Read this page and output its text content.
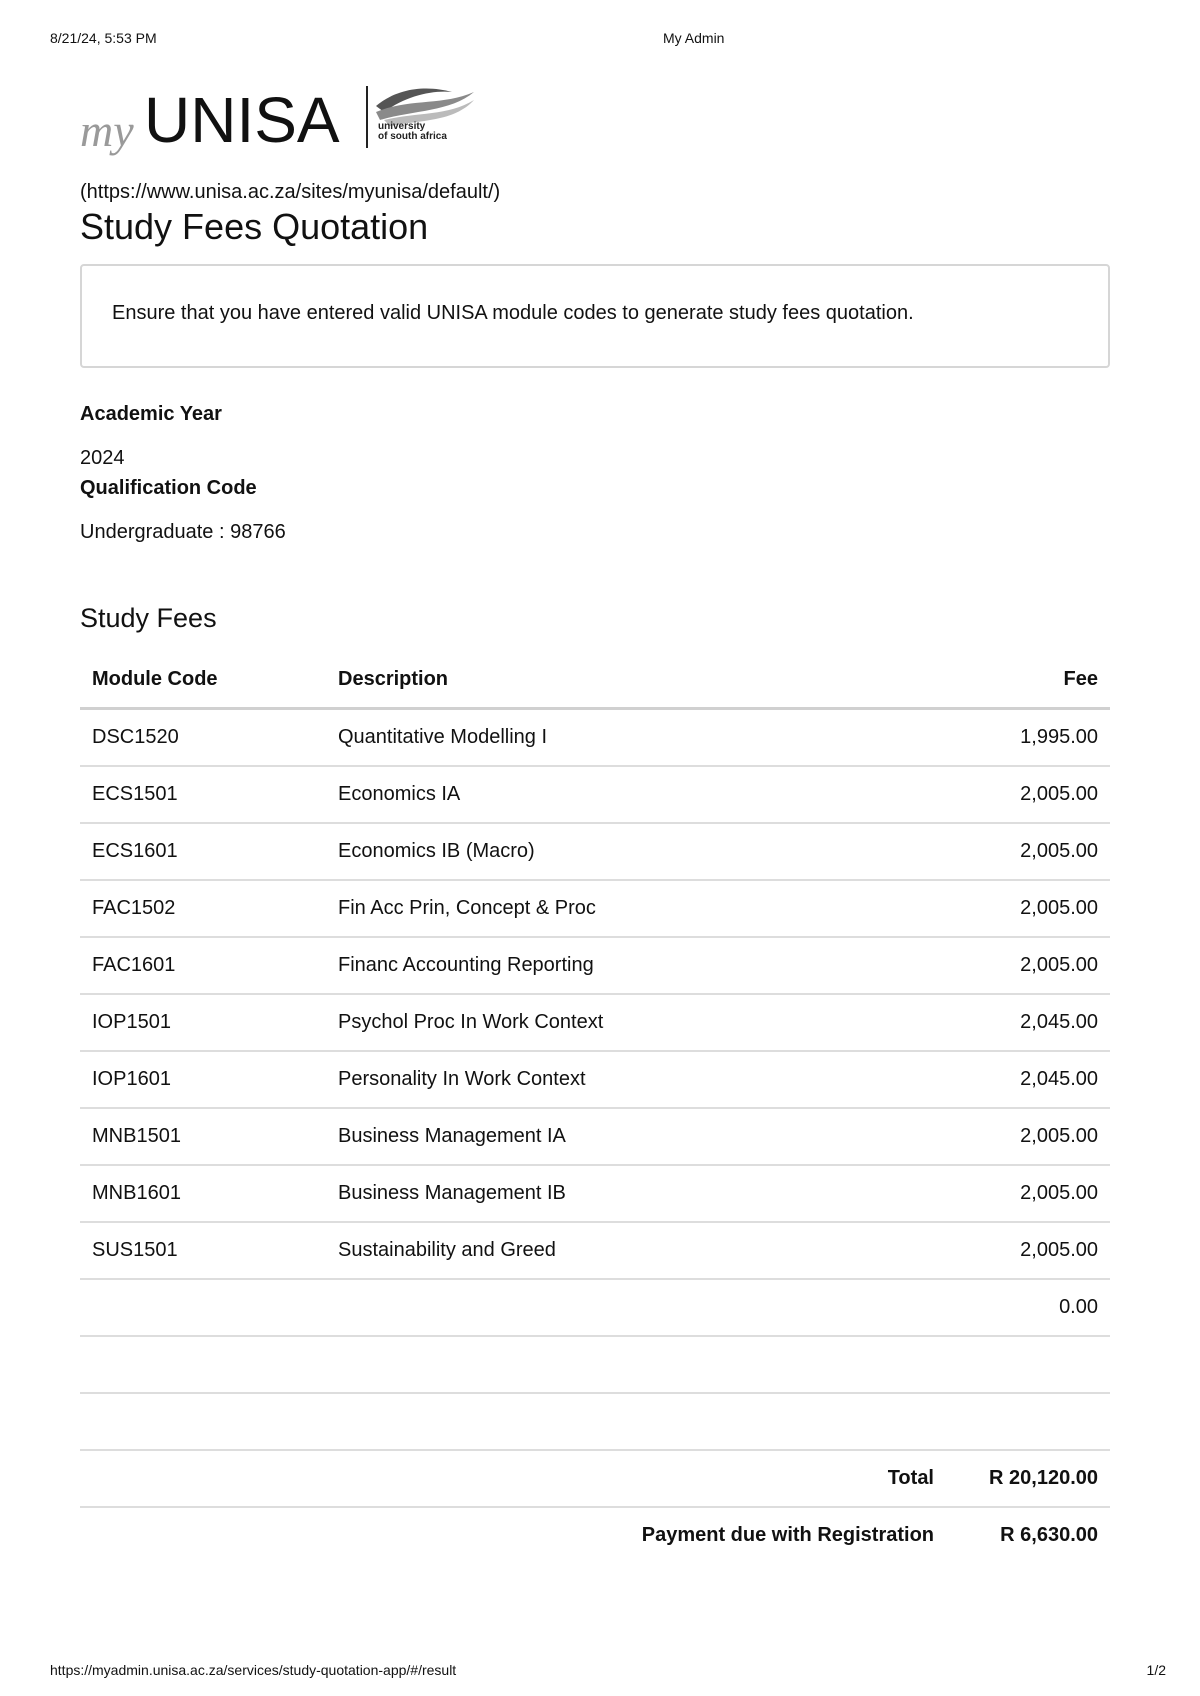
8/21/24, 5:53 PM	My Admin
my UNISA	university
of south africa
(https://www.unisa.ac.za/sites/myunisa/default/)
Study Fees Quotation
Ensure that you have entered valid UNISA module codes to generate study fees quotation.
Academic Year
2024
Qualification Code
Undergraduate : 98766
Study Fees
Module Code	Description	Fee
DSC1520	Quantitative Modelling I	1,995.00
ECS1501	Economics IA	2,005.00
ECS1601	Economics IB (Macro)	2,005.00
FAC1502	Fin Acc Prin, Concept & Proc	2,005.00
FAC1601	Financ Accounting Reporting	2,005.00
IOP1501	Psychol Proc In Work Context	2,045.00
IOP1601	Personality In Work Context	2,045.00
MNB1501	Business Management IA	2,005.00
MNB1601	Business Management IB	2,005.00
SUS1501	Sustainability and Greed	2,005.00
		0.00

Total		R 20,120.00
Payment due with Registration		R 6,630.00
https://myadmin.unisa.ac.za/services/study-quotation-app/#/result	1/2
